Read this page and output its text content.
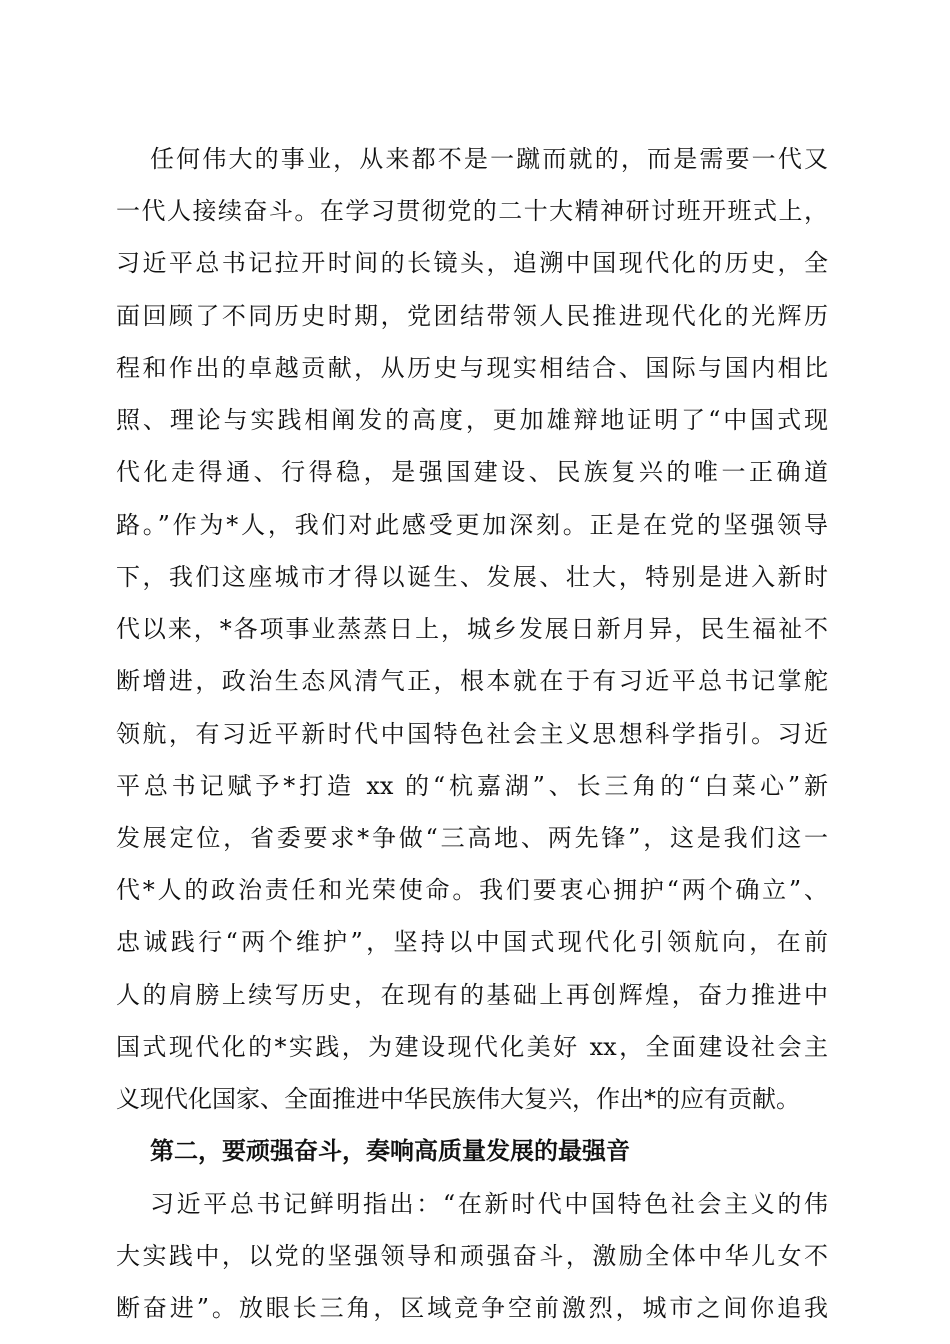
任何伟大的事业，从来都不是一蹴而就的，而是需要一代又
一代人接续奋斗。在学习贯彻党的二十大精神研讨班开班式上，
习近平总书记拉开时间的长镜头，追溯中国现代化的历史，全
面回顾了不同历史时期，党团结带领人民推进现代化的光辉历
程和作出的卓越贡献，从历史与现实相结合、国际与国内相比
照、理论与实践相阐发的高度，更加雄辩地证明了“中国式现
代化走得通、行得稳，是强国建设、民族复兴的唯一正确道
路。”作为*人，我们对此感受更加深刻。正是在党的坚强领导
下，我们这座城市才得以诞生、发展、壮大，特别是进入新时
代以来，*各项事业蒸蒸日上，城乡发展日新月异，民生福祉不
断增进，政治生态风清气正，根本就在于有习近平总书记掌舵
领航，有习近平新时代中国特色社会主义思想科学指引。习近
平总书记赋予*打造 xx 的“杭嘉湖”、长三角的“白菜心”新
发展定位，省委要求*争做“三高地、两先锋”，这是我们这一
代*人的政治责任和光荣使命。我们要衷心拥护“两个确立”、
忠诚践行“两个维护”，坚持以中国式现代化引领航向，在前
人的肩膀上续写历史，在现有的基础上再创辉煌，奋力推进中
国式现代化的*实践，为建设现代化美好 xx，全面建设社会主
义现代化国家、全面推进中华民族伟大复兴，作出*的应有贡献。
第二，要顽强奋斗，奏响高质量发展的最强音
习近平总书记鲜明指出：“在新时代中国特色社会主义的伟
大实践中，以党的坚强领导和顽强奋斗，激励全体中华儿女不
断奋进”。放眼长三角，区域竞争空前激烈，城市之间你追我
